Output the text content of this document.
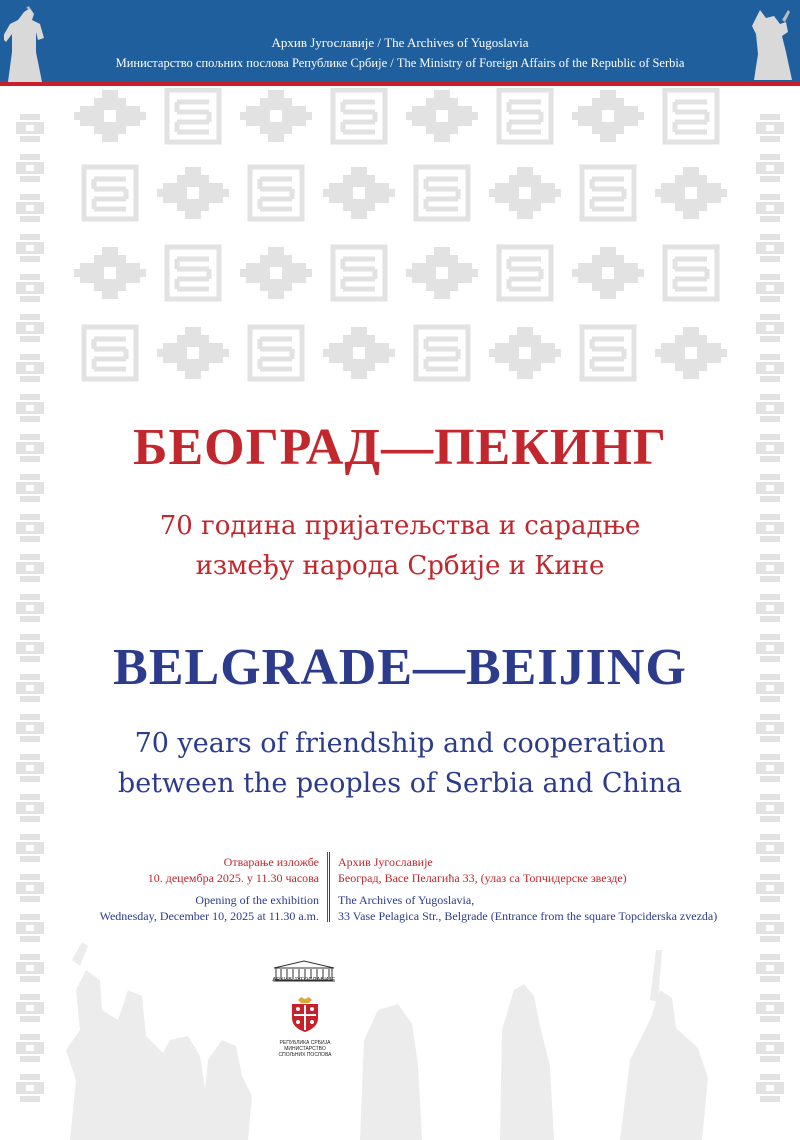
Архив Југославије / The Archives of Yugoslavia
Министарство спољних послова Републике Србије / The Ministry of Foreign Affairs of the Republic of Serbia
БЕОГРАД—ПЕКИНГ
70 година пријатељства и сарадње
између народа Србије и Кине
BELGRADE—BEIJING
70 years of friendship and cooperation
between the peoples of Serbia and China
Отварање изложбе
10. децембра 2025. у 11.30 часова
Opening of the exhibition
Wednesday, December 10, 2025 at 11.30 a.m.
Архив Југославије
Београд, Васе Пелагића 33, (улаз са Топчидерске звезде)
The Archives of Yugoslavia,
33 Vase Pelagica Str., Belgrade (Entrance from the square Topciderska zvezda)
АРХИВ ЈУГОСЛАВИЈЕ
РЕПУБЛИКА СРБИЈА
МИНИСТАРСТВО
СПОЉНИХ ПОСЛОВА
